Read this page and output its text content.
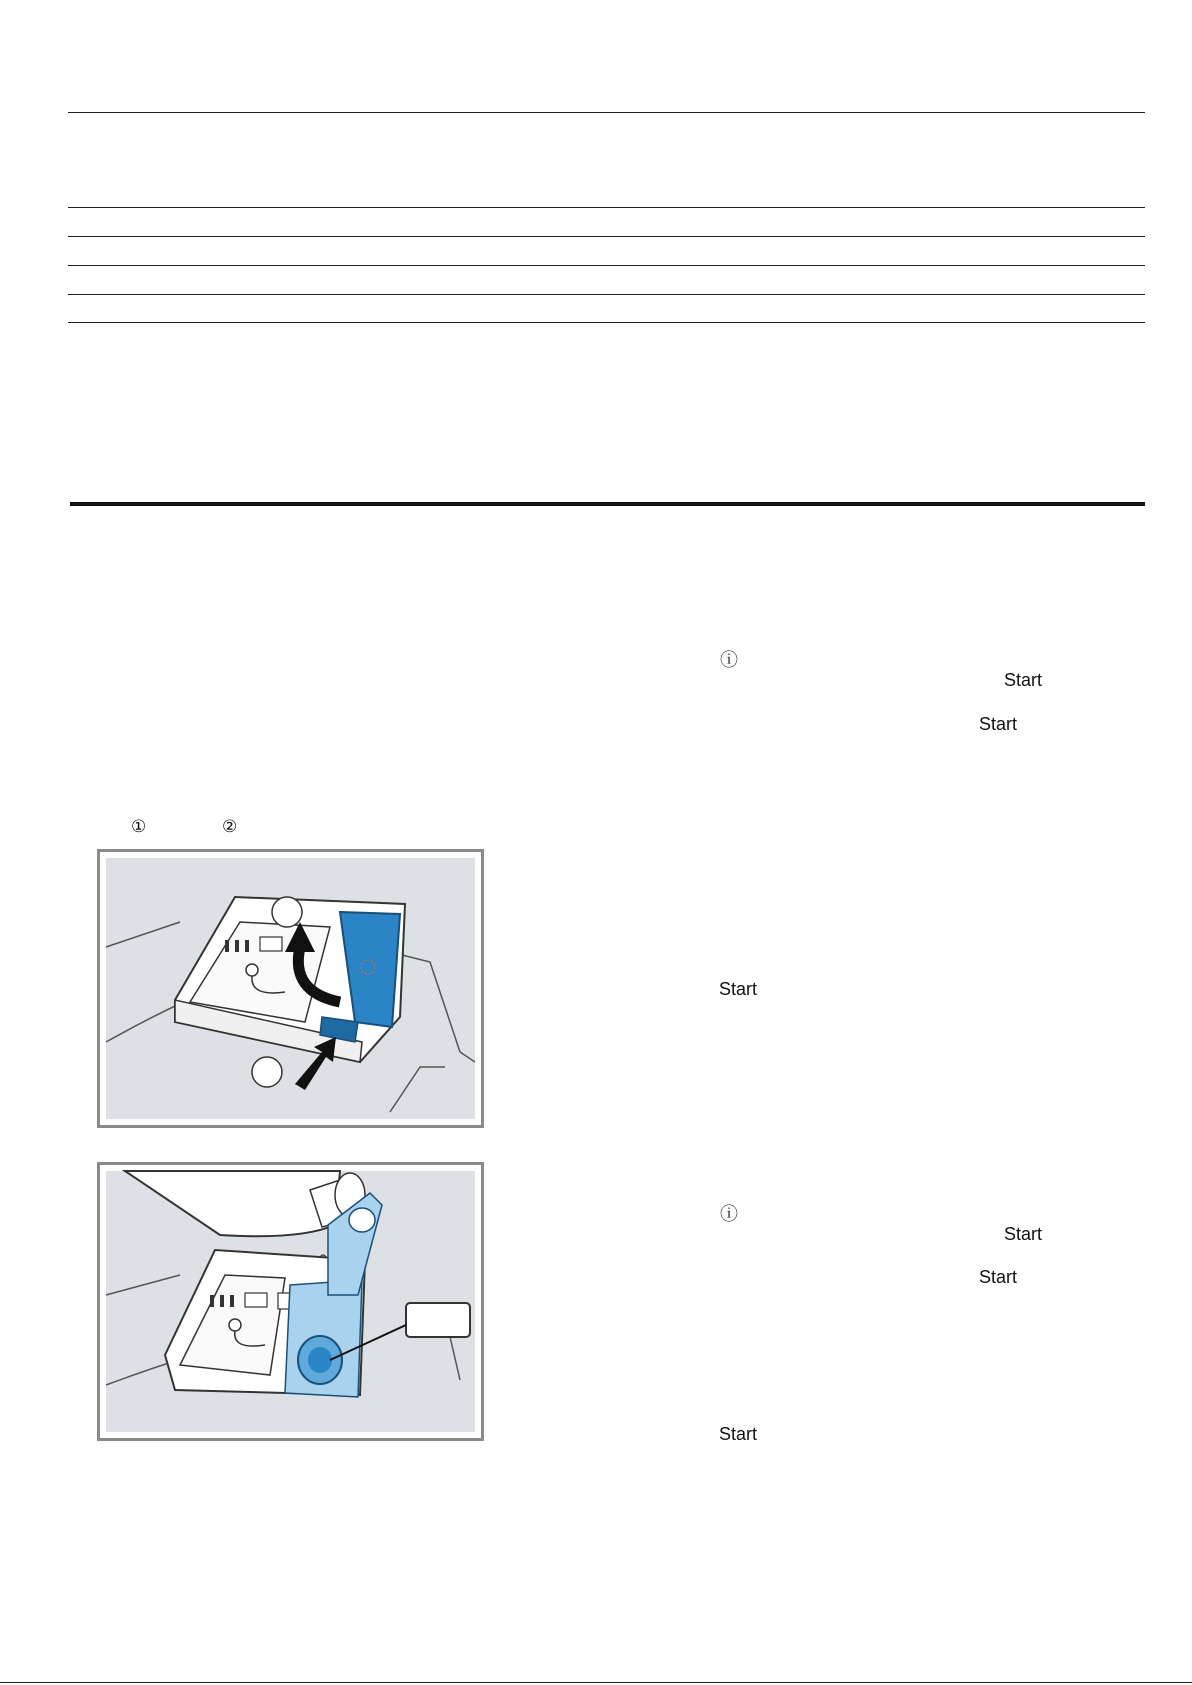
①	②
ⓘ
Start
Start
Start
ⓘ
Start
Start
Start
